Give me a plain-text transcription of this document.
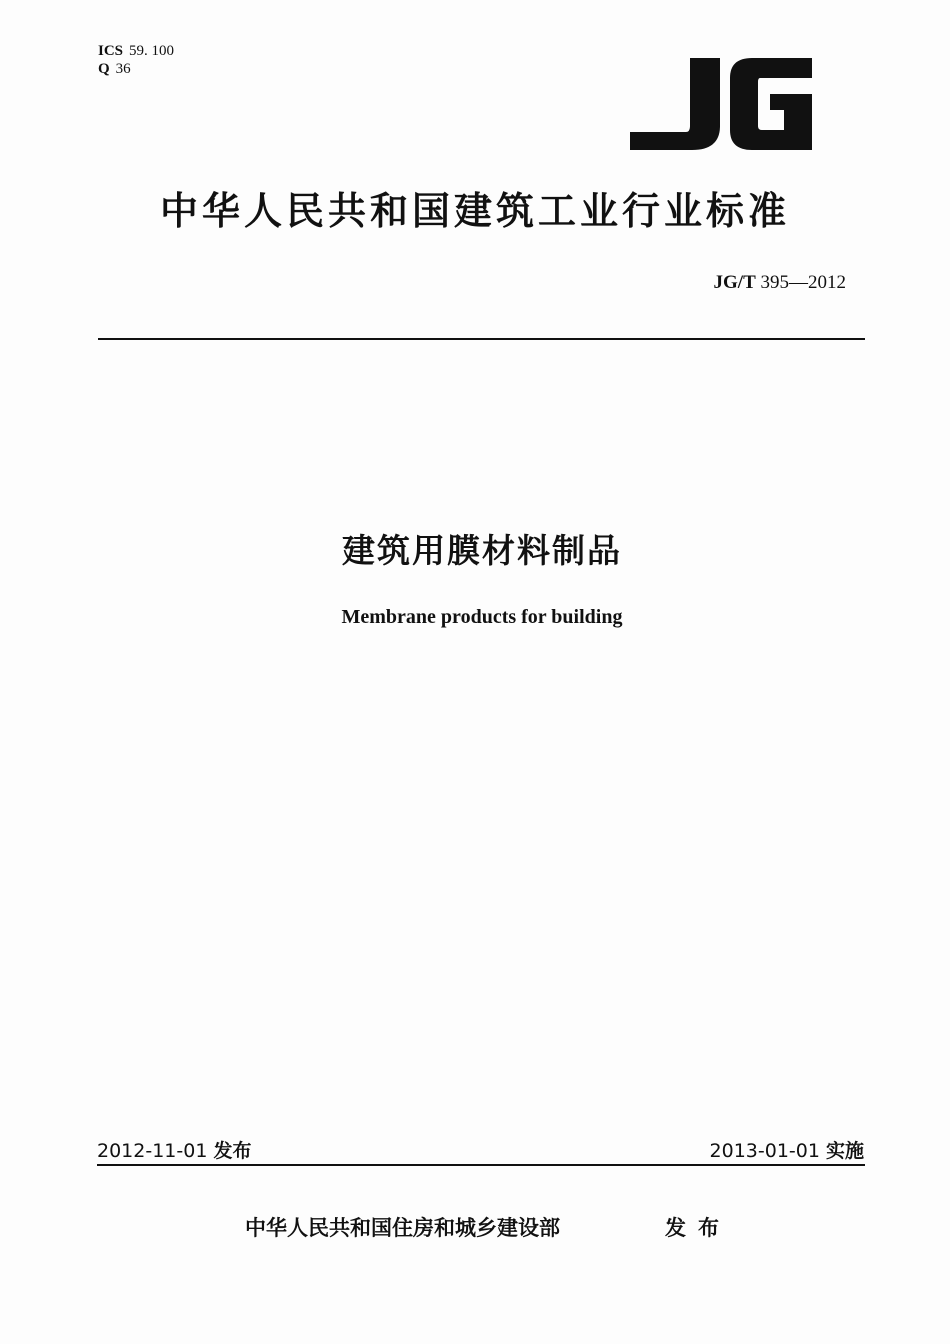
ICS 59. 100
Q 36
中华人民共和国建筑工业行业标准
JG/T 395—2012
建筑用膜材料制品
Membrane products for building
2012-11-01 发布	2013-01-01 实施
中华人民共和国住房和城乡建设部	发布
